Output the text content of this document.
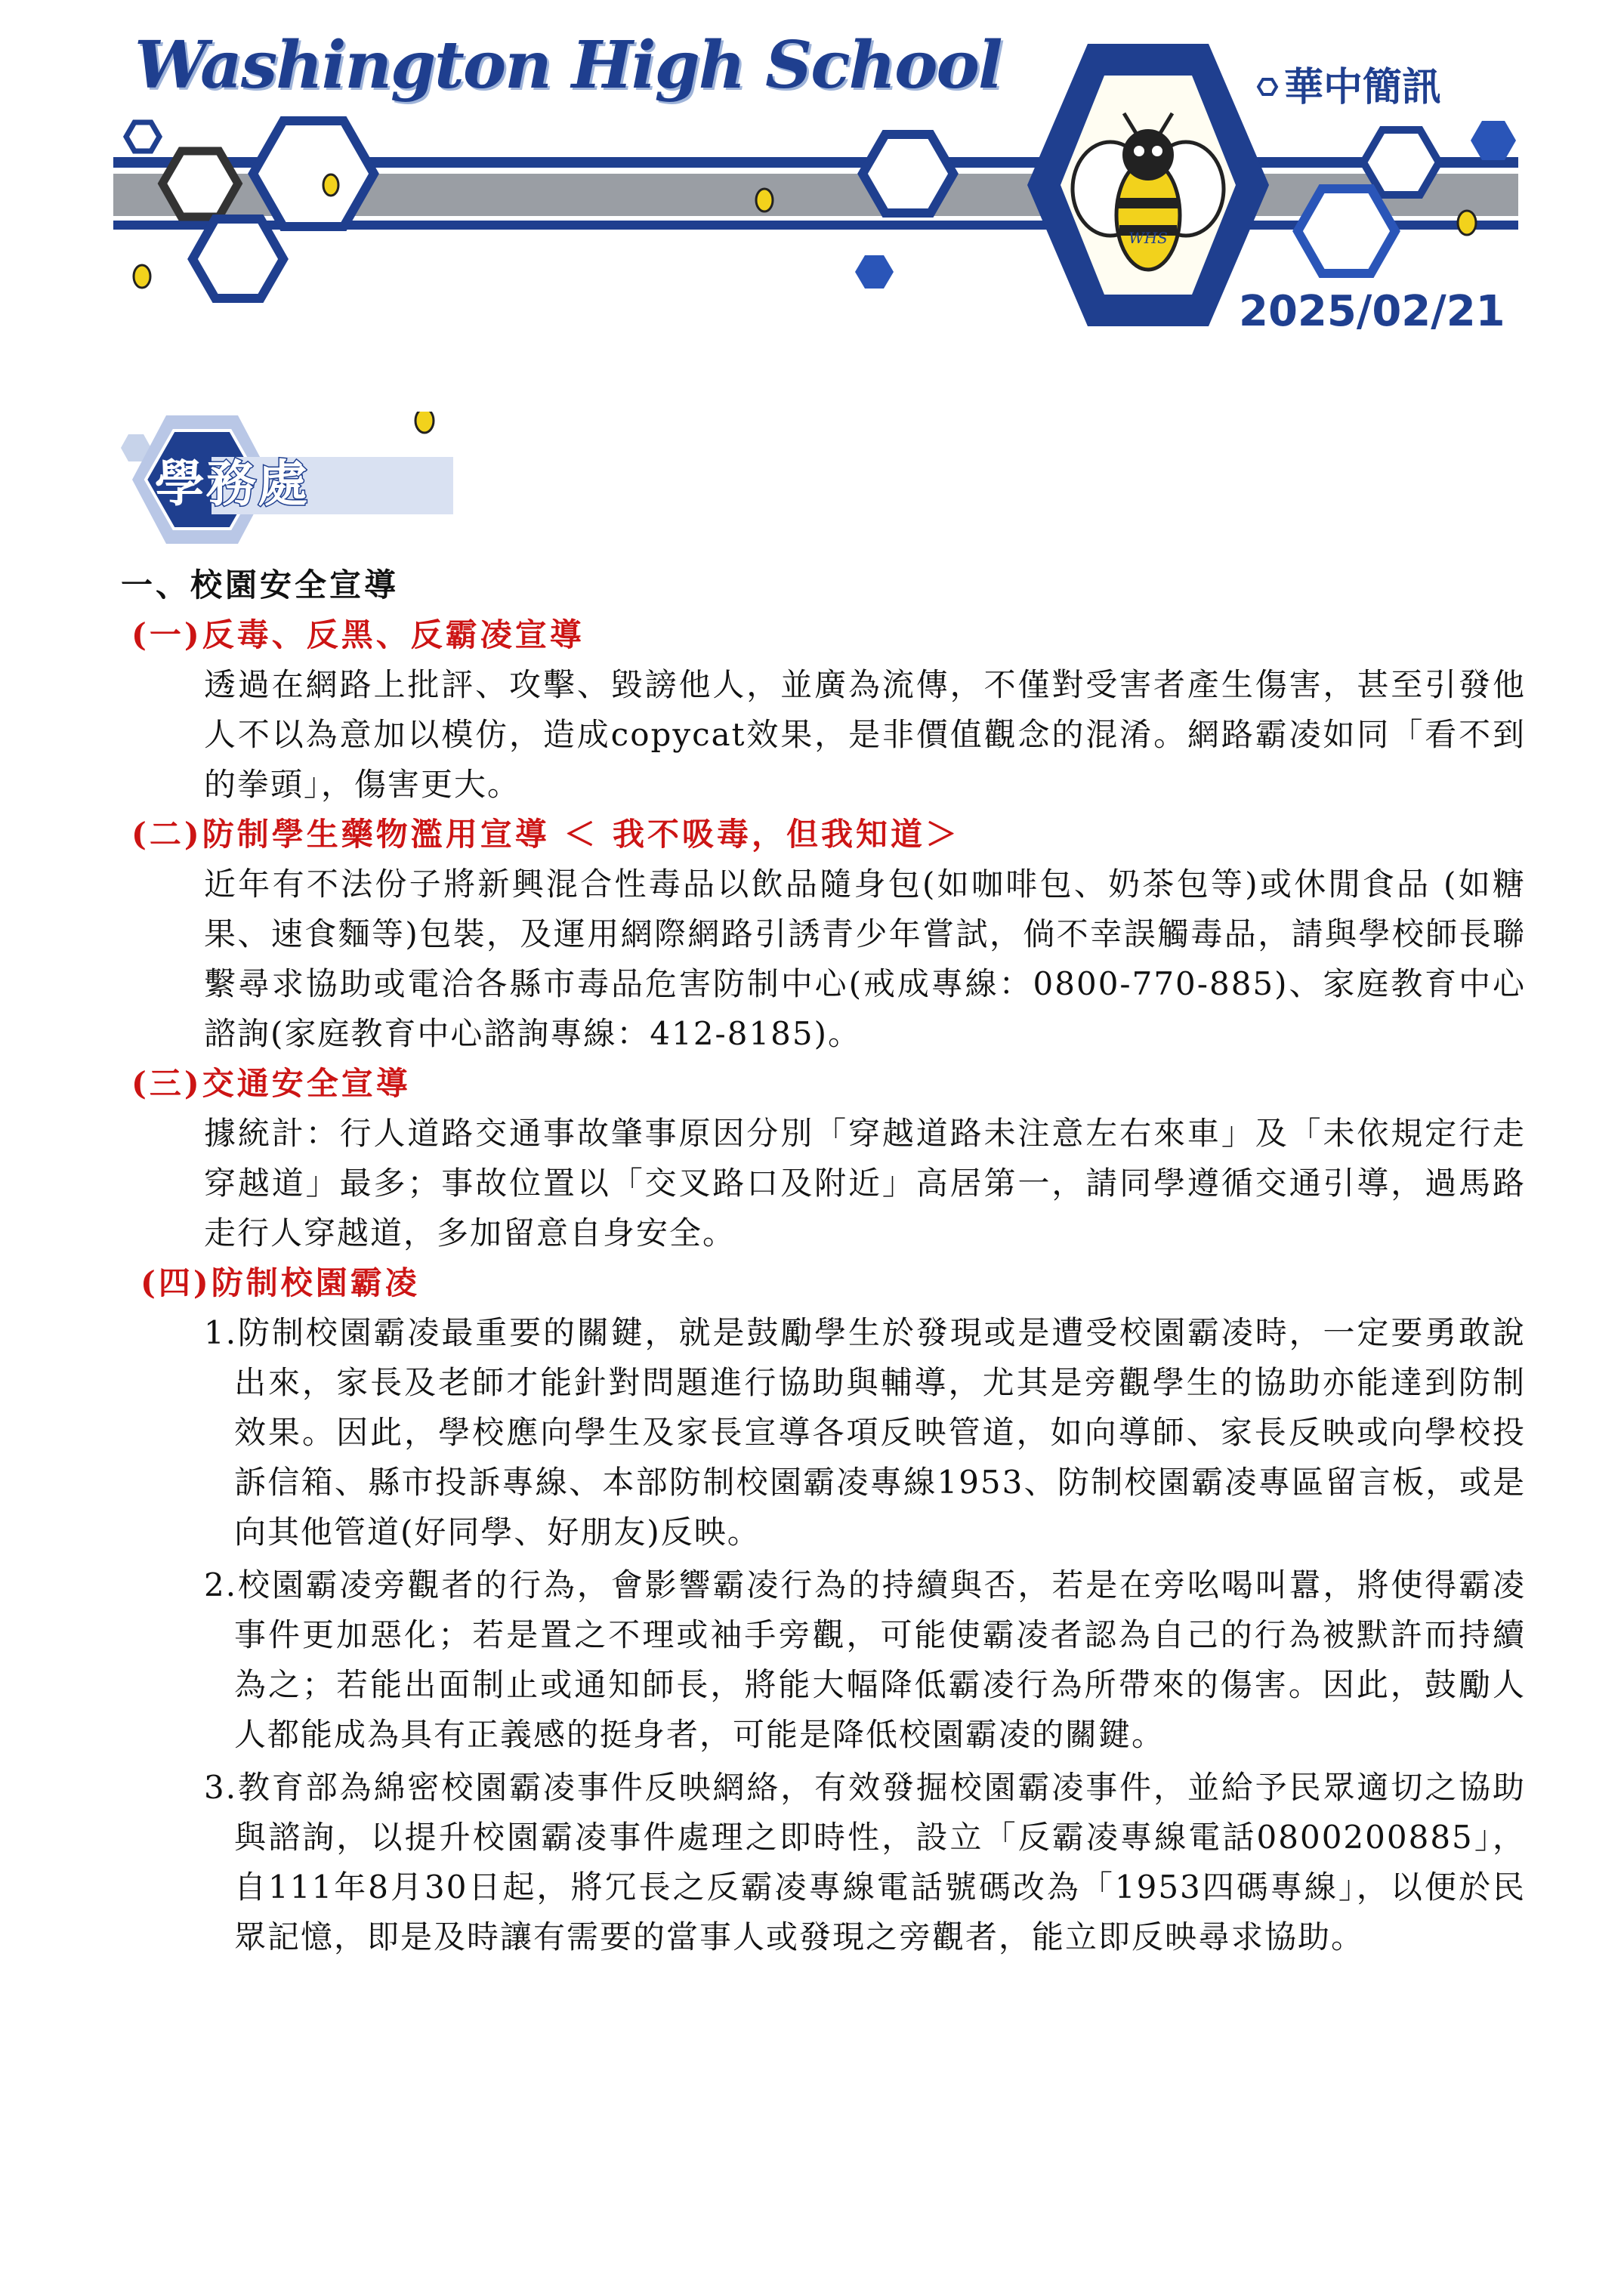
WHS
Washington High School	華中簡訊
2025/02/21
學務處

一、校園安全宣導

(一)反毒、反黑、反霸凌宣導

透過在網路上批評、攻擊、毀謗他人，並廣為流傳，不僅對受害者產生傷害，甚至引發他人不以為意加以模仿，造成copycat效果，是非價值觀念的混淆。網路霸凌如同「看不到的拳頭」，傷害更大。

(二)防制學生藥物濫用宣導 ＜ 我不吸毒，但我知道＞

近年有不法份子將新興混合性毒品以飲品隨身包(如咖啡包、奶茶包等)或休閒食品 (如糖果、速食麵等)包裝，及運用網際網路引誘青少年嘗試，倘不幸誤觸毒品，請與學校師長聯繫尋求協助或電洽各縣市毒品危害防制中心(戒成專線：0800-770-885)、家庭教育中心諮詢(家庭教育中心諮詢專線：412-8185)。

(三)交通安全宣導

據統計：行人道路交通事故肇事原因分別「穿越道路未注意左右來車」及「未依規定行走穿越道」最多；事故位置以「交叉路口及附近」高居第一，請同學遵循交通引導，過馬路走行人穿越道，多加留意自身安全。

(四)防制校園霸凌

1.防制校園霸凌最重要的關鍵，就是鼓勵學生於發現或是遭受校園霸凌時，一定要勇敢說出來，家長及老師才能針對問題進行協助與輔導，尤其是旁觀學生的協助亦能達到防制效果。因此，學校應向學生及家長宣導各項反映管道，如向導師、家長反映或向學校投訴信箱、縣市投訴專線、本部防制校園霸凌專線1953、防制校園霸凌專區留言板，或是向其他管道(好同學、好朋友)反映。

2.校園霸凌旁觀者的行為，會影響霸凌行為的持續與否，若是在旁吆喝叫囂，將使得霸凌事件更加惡化；若是置之不理或袖手旁觀，可能使霸凌者認為自己的行為被默許而持續為之；若能出面制止或通知師長，將能大幅降低霸凌行為所帶來的傷害。因此，鼓勵人人都能成為具有正義感的挺身者，可能是降低校園霸凌的關鍵。

3.教育部為綿密校園霸凌事件反映網絡，有效發掘校園霸凌事件，並給予民眾適切之協助與諮詢，以提升校園霸凌事件處理之即時性，設立「反霸凌專線電話0800200885」，自111年8月30日起，將冗長之反霸凌專線電話號碼改為「1953四碼專線」，以便於民眾記憶，即是及時讓有需要的當事人或發現之旁觀者，能立即反映尋求協助。
